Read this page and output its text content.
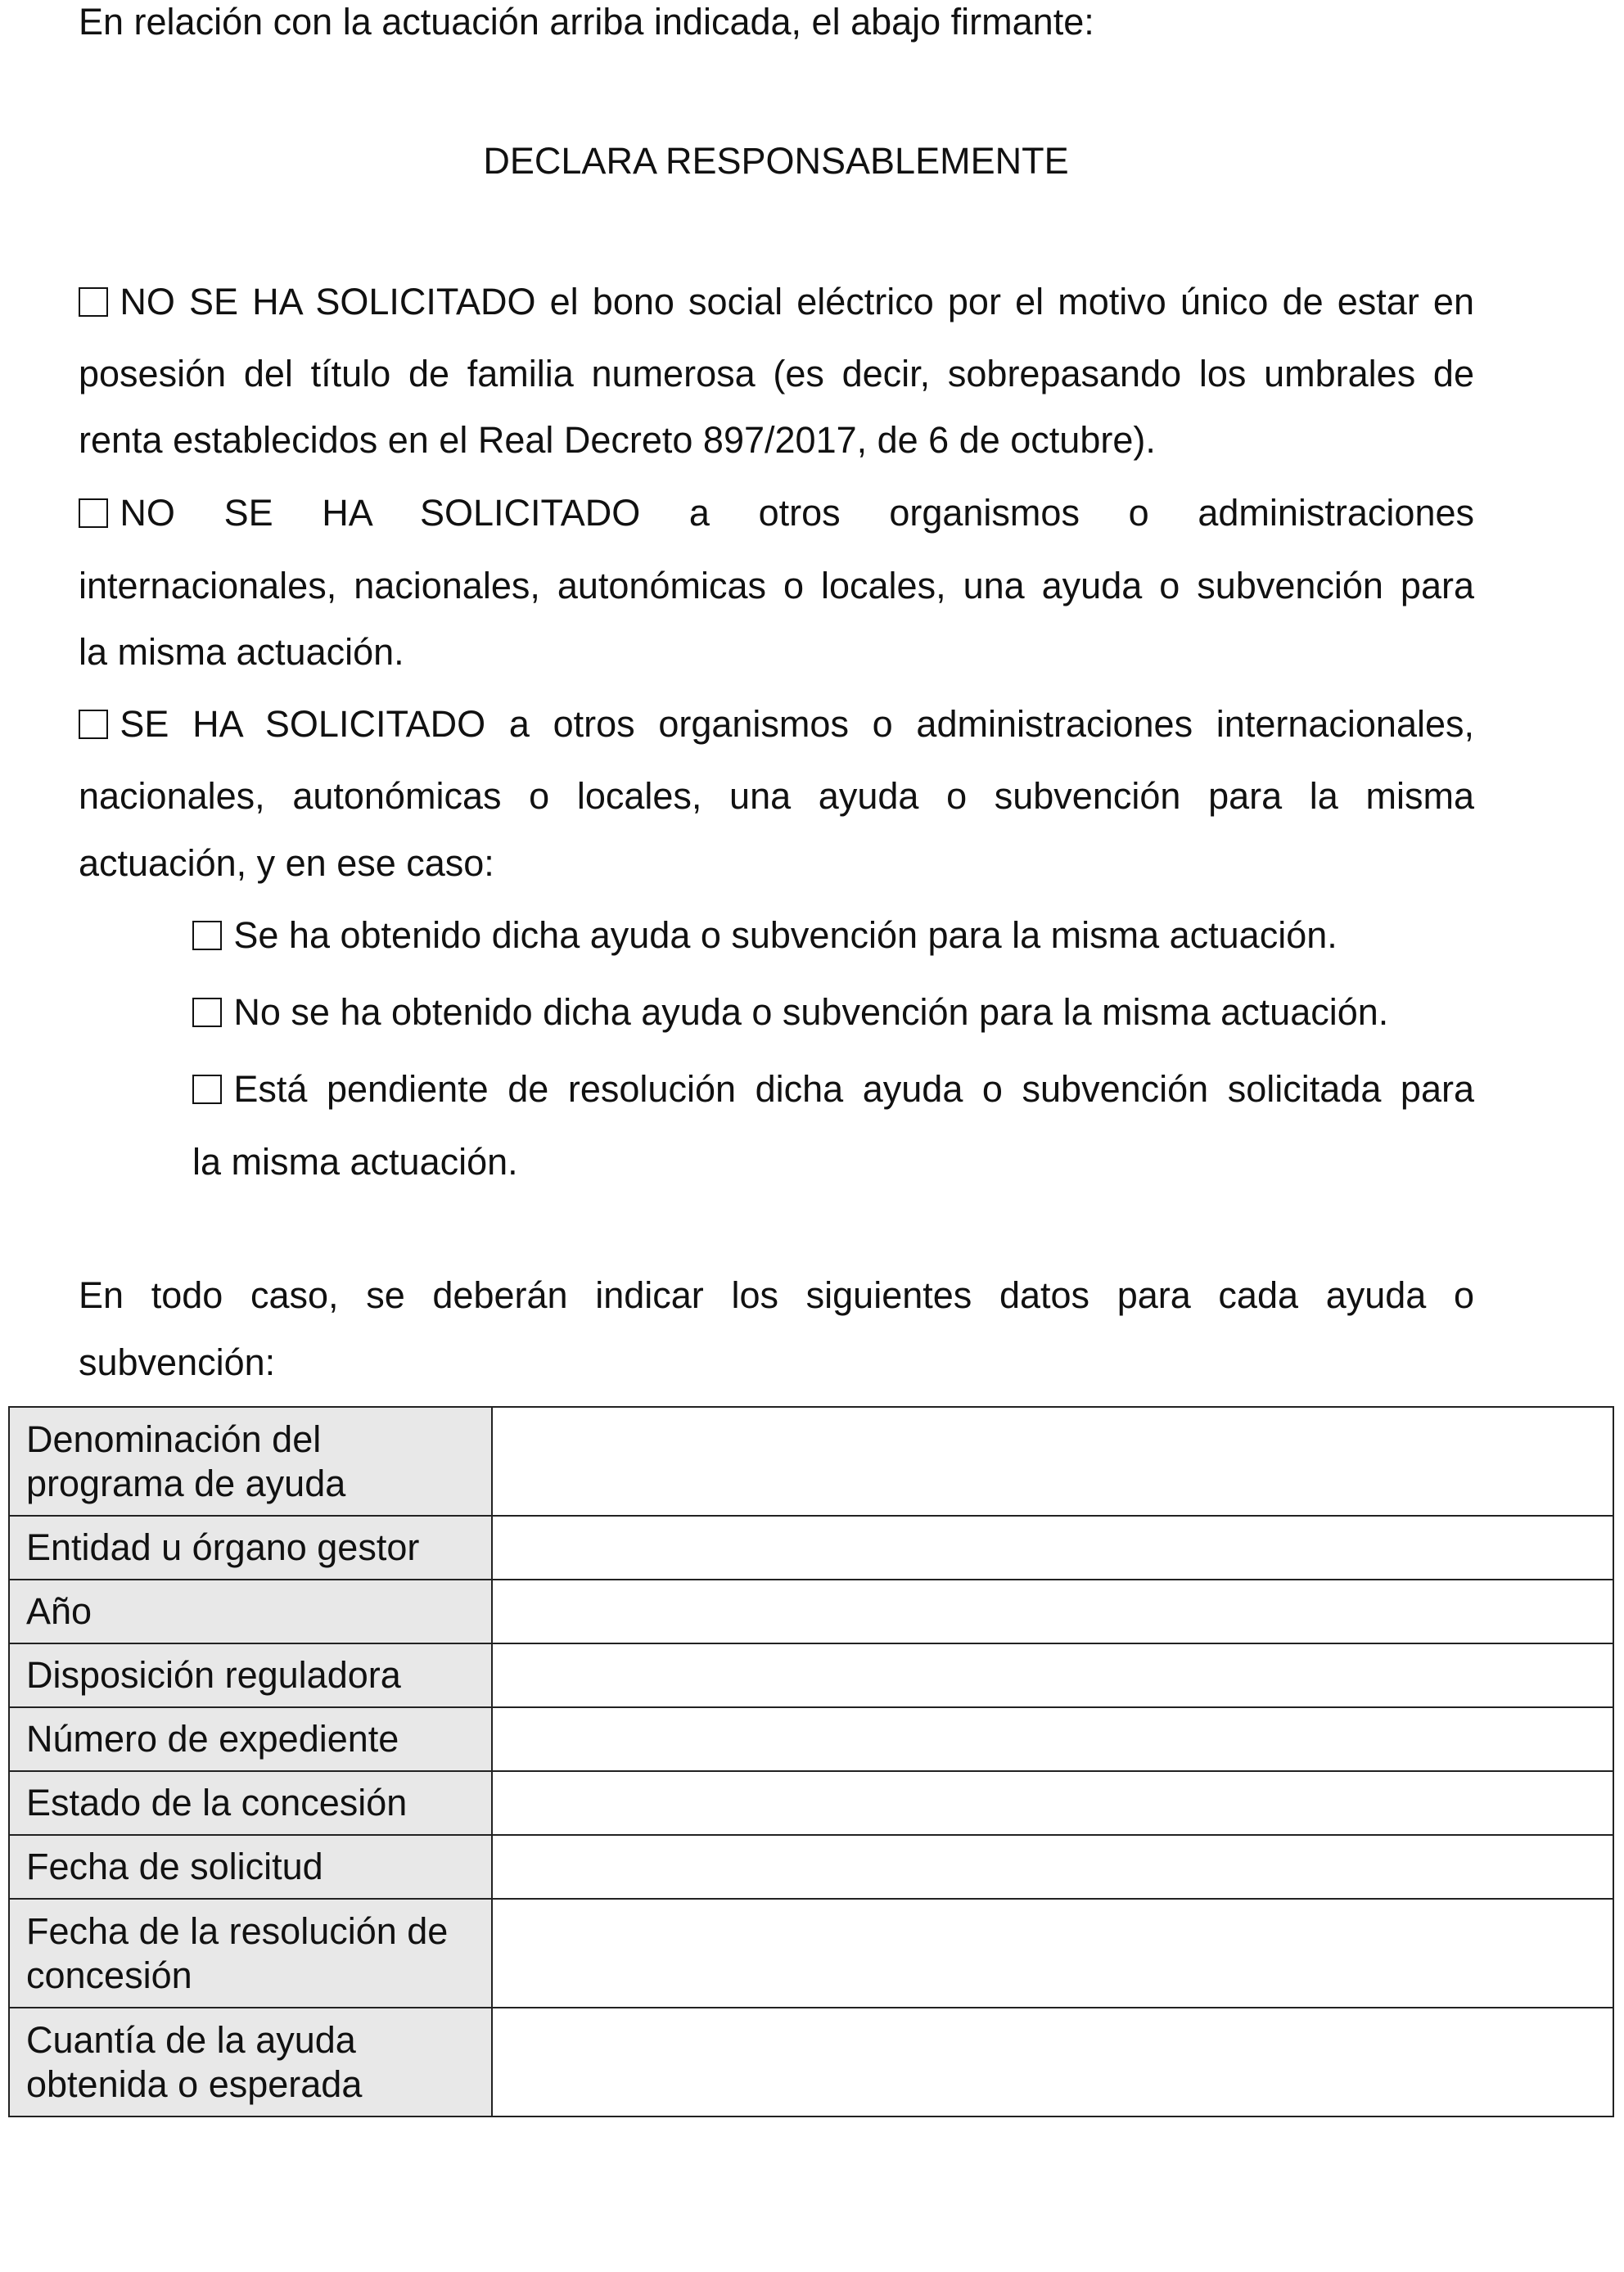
En relación con la actuación arriba indicada, el abajo firmante:
DECLARA RESPONSABLEMENTE
NO SE HA SOLICITADO el bono social eléctrico por el motivo único de estar en
posesión del título de familia numerosa (es decir, sobrepasando los umbrales de
renta establecidos en el Real Decreto 897/2017, de 6 de octubre).
NO SE HA SOLICITADO a otros organismos o administraciones
internacionales, nacionales, autonómicas o locales, una ayuda o subvención para
la misma actuación.
SE HA SOLICITADO a otros organismos o administraciones internacionales,
nacionales, autonómicas o locales, una ayuda o subvención para la misma
actuación, y en ese caso:
Se ha obtenido dicha ayuda o subvención para la misma actuación.
No se ha obtenido dicha ayuda o subvención para la misma actuación.
Está pendiente de resolución dicha ayuda o subvención solicitada para
la misma actuación.
En todo caso, se deberán indicar los siguientes datos para cada ayuda o
subvención:
Denominación del
programa de ayuda	
Entidad u órgano gestor	
Año	
Disposición reguladora	
Número de expediente	
Estado de la concesión	
Fecha de solicitud	
Fecha de la resolución de
concesión	
Cuantía de la ayuda
obtenida o esperada	
